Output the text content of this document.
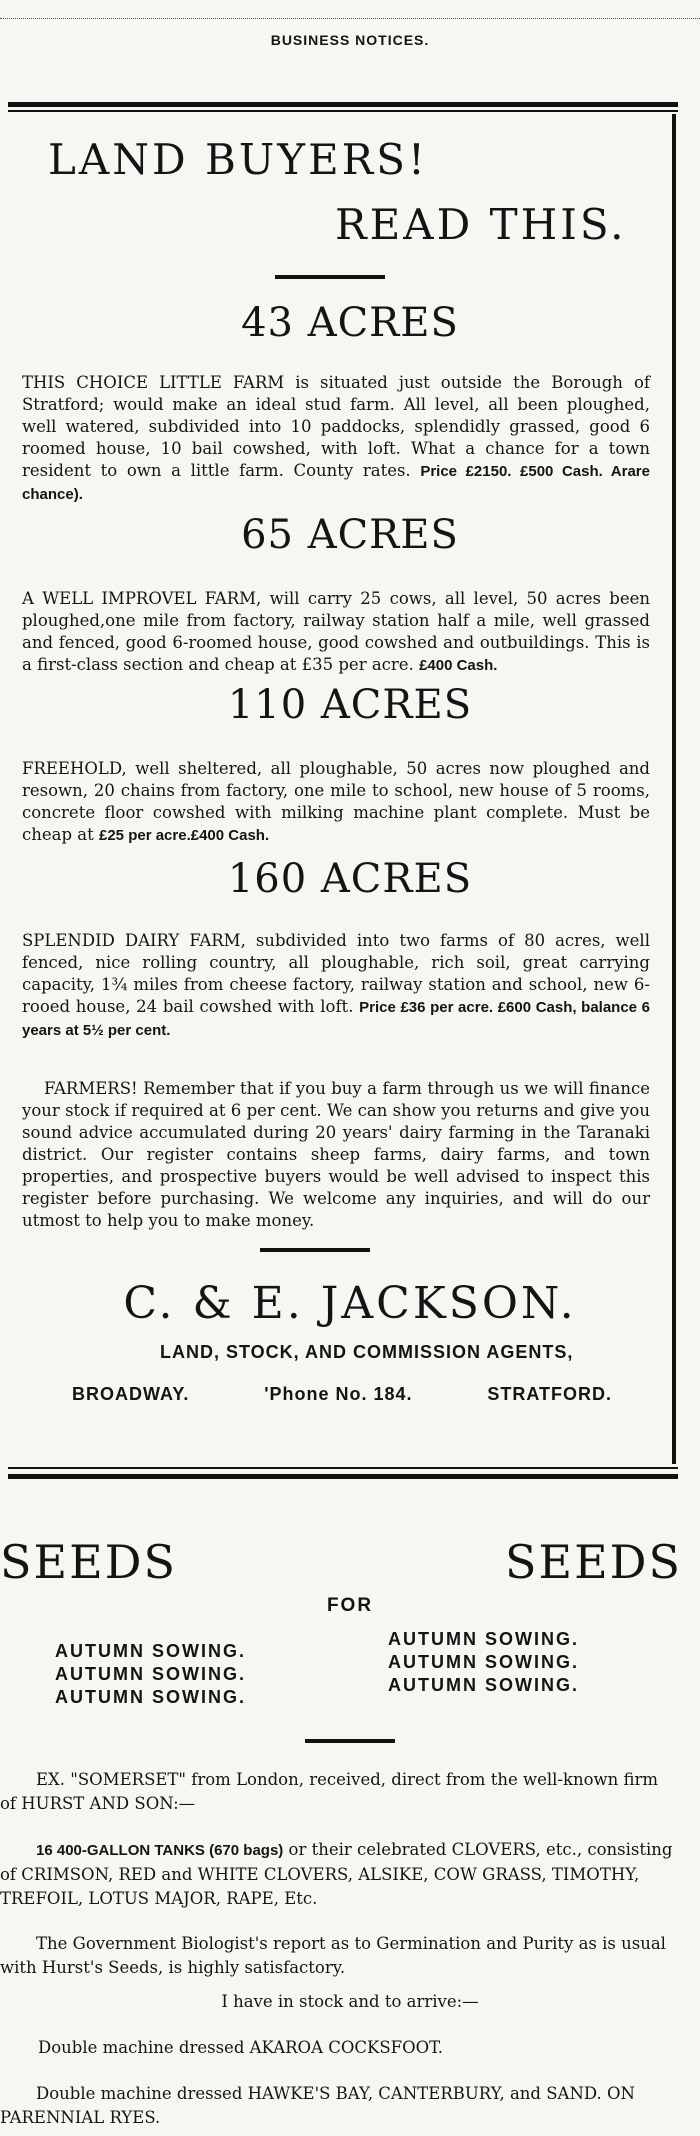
BUSINESS NOTICES.
LAND BUYERS!
READ THIS.
43 ACRES
THIS CHOICE LITTLE FARM is situated just outside the Borough of Stratford; would make an ideal stud farm. All level, all been ploughed, well watered, subdivided into 10 paddocks, splendidly grassed, good 6 roomed house, 10 bail cowshed, with loft. What a chance for a town resident to own a little farm. County rates. Price £2150. £500 Cash. Arare chance).
65 ACRES
A WELL IMPROVEL FARM, will carry 25 cows, all level, 50 acres been ploughed,one mile from factory, railway station half a mile, well grassed and fenced, good 6-roomed house, good cowshed and outbuildings. This is a first-class section and cheap at £35 per acre. £400 Cash.
110 ACRES
FREEHOLD, well sheltered, all ploughable, 50 acres now ploughed and resown, 20 chains from factory, one mile to school, new house of 5 rooms, concrete floor cowshed with milking machine plant complete. Must be cheap at £25 per acre.£400 Cash.
160 ACRES
SPLENDID DAIRY FARM, subdivided into two farms of 80 acres, well fenced, nice rolling country, all ploughable, rich soil, great carrying capacity, 1¾ miles from cheese factory, railway station and school, new 6-rooed house, 24 bail cowshed with loft. Price £36 per acre. £600 Cash, balance 6 years at 5½ per cent.
FARMERS! Remember that if you buy a farm through us we will finance your stock if required at 6 per cent. We can show you returns and give you sound advice accumulated during 20 years' dairy farming in the Taranaki district. Our register contains sheep farms, dairy farms, and town properties, and prospective buyers would be well advised to inspect this register before purchasing. We welcome any inquiries, and will do our utmost to help you to make money.
C. & E. JACKSON.
LAND, STOCK, AND COMMISSION AGENTS,
BROADWAY.	'Phone No. 184.	STRATFORD.
SEEDS	SEEDS
FOR
AUTUMN SOWING.
AUTUMN SOWING.
AUTUMN SOWING.
AUTUMN SOWING.
AUTUMN SOWING.
AUTUMN SOWING.
EX. "SOMERSET" from London, received, direct from the well-known firm of HURST AND SON:—
16 400-GALLON TANKS (670 bags) or their celebrated CLOVERS, etc., consisting of CRIMSON, RED and WHITE CLOVERS, ALSIKE, COW GRASS, TIMOTHY, TREFOIL, LOTUS MAJOR, RAPE, Etc.
The Government Biologist's report as to Germination and Purity as is usual with Hurst's Seeds, is highly satisfactory.
I have in stock and to arrive:—
Double machine dressed AKAROA COCKSFOOT.
Double machine dressed HAWKE'S BAY, CANTERBURY, and SAND. ON PARENNIAL RYES.
